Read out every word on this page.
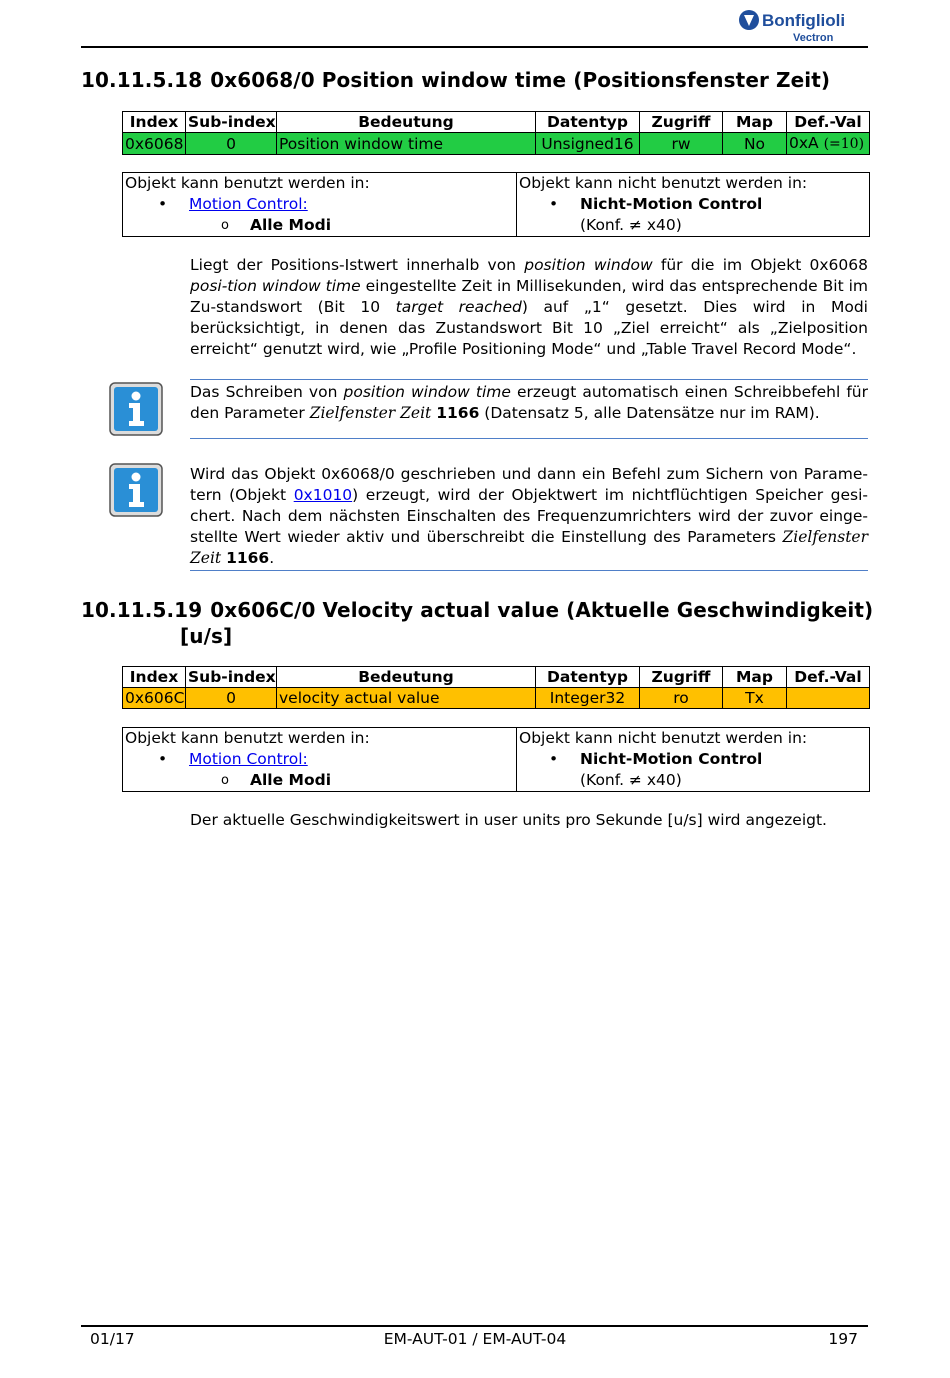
Bonfiglioli
Vectron
10.11.5.18 0x6068/0 Position window time (Positionsfenster Zeit)
Index	Sub-index	Bedeutung	Datentyp	Zugriff	Map	Def.-Val
0x6068	0	Position window time	Unsigned16	rw	No	0xA (=10)
Objekt kann benutzt werden in:
• Motion Control:
o Alle Modi

Objekt kann nicht benutzt werden in:
• Nicht-Motion Control
(Konf. ≠ x40)
Liegt der Positions-Istwert innerhalb von position window für die im Objekt 0x6068 posi-tion window time eingestellte Zeit in Millisekunden, wird das entsprechende Bit im Zu-standswort (Bit 10 target reached) auf „1“ gesetzt. Dies wird in Modi berücksichtigt, in denen das Zustandswort Bit 10 „Ziel erreicht“ als „Zielposition erreicht“ genutzt wird, wie „Profile Positioning Mode“ und „Table Travel Record Mode“.
Das Schreiben von position window time erzeugt automatisch einen Schreibbefehl für den Parameter Zielfenster Zeit 1166 (Datensatz 5, alle Datensätze nur im RAM).
Wird das Objekt 0x6068/0 geschrieben und dann ein Befehl zum Sichern von Parame-tern (Objekt 0x1010) erzeugt, wird der Objektwert im nichtflüchtigen Speicher gesi-chert. Nach dem nächsten Einschalten des Frequenzumrichters wird der zuvor einge-stellte Wert wieder aktiv und überschreibt die Einstellung des Parameters Zielfenster Zeit 1166.
10.11.5.19 0x606C/0 Velocity actual value (Aktuelle Geschwindigkeit)
[u/s]
Index	Sub-index	Bedeutung	Datentyp	Zugriff	Map	Def.-Val
0x606C	0	velocity actual value	Integer32	ro	Tx	
Objekt kann benutzt werden in:
• Motion Control:
o Alle Modi

Objekt kann nicht benutzt werden in:
• Nicht-Motion Control
(Konf. ≠ x40)
Der aktuelle Geschwindigkeitswert in user units pro Sekunde [u/s] wird angezeigt.
01/17	EM-AUT-01 / EM-AUT-04	197
